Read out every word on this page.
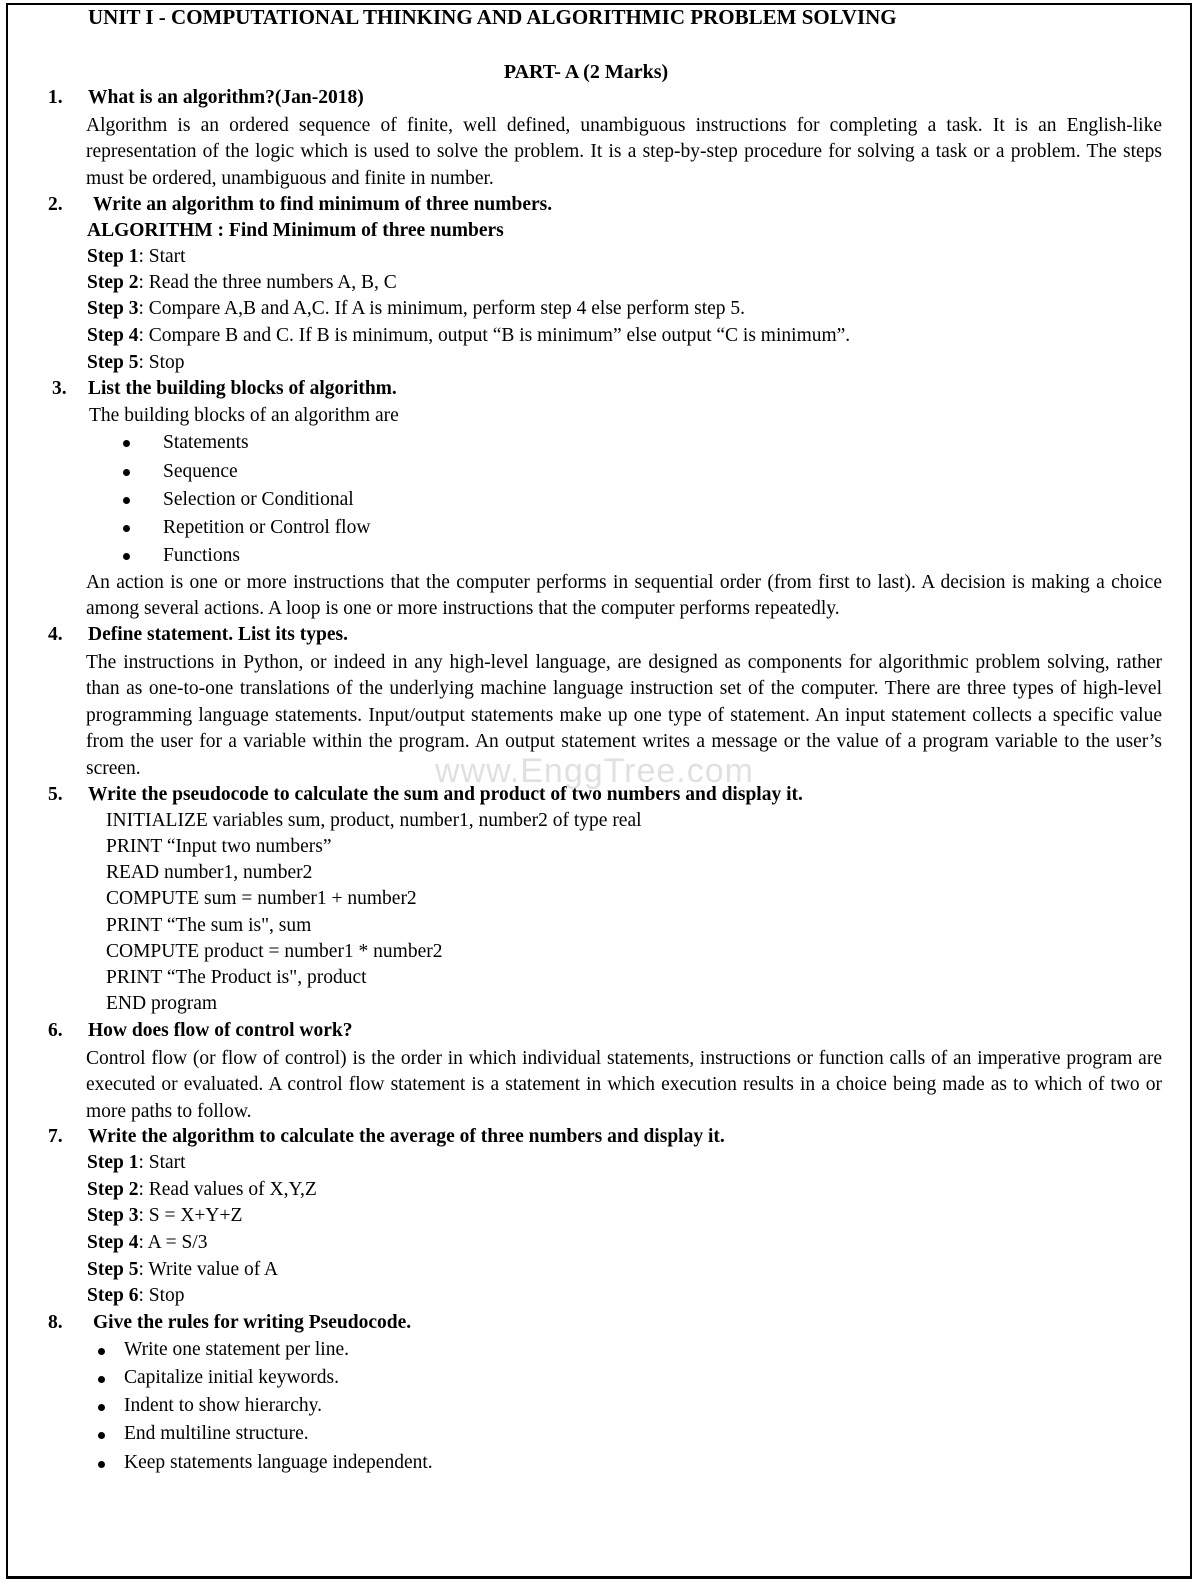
www.EnggTree.com
UNIT I - COMPUTATIONAL THINKING AND ALGORITHMIC PROBLEM SOLVING
PART- A (2 Marks)
1. What is an algorithm?(Jan-2018)
Algorithm is an ordered sequence of finite, well defined, unambiguous instructions for completing a task. It is an English-like representation of the logic which is used to solve the problem. It is a step-by-step procedure for solving a task or a problem. The steps must be ordered, unambiguous and finite in number.
2. Write an algorithm to find minimum of three numbers.
ALGORITHM : Find Minimum of three numbers
Step 1: Start
Step 2: Read the three numbers A, B, C
Step 3: Compare A,B and A,C. If A is minimum, perform step 4 else perform step 5.
Step 4: Compare B and C. If B is minimum, output “B is minimum” else output “C is minimum”.
Step 5: Stop
3. List the building blocks of algorithm.
The building blocks of an algorithm are
Statements
Sequence
Selection or Conditional
Repetition or Control flow
Functions
An action is one or more instructions that the computer performs in sequential order (from first to last). A decision is making a choice among several actions. A loop is one or more instructions that the computer performs repeatedly.
4. Define statement. List its types.
The instructions in Python, or indeed in any high-level language, are designed as components for algorithmic problem solving, rather than as one-to-one translations of the underlying machine language instruction set of the computer. There are three types of high-level programming language statements. Input/output statements make up one type of statement. An input statement collects a specific value from the user for a variable within the program. An output statement writes a message or the value of a program variable to the user’s screen.
5. Write the pseudocode to calculate the sum and product of two numbers and display it.
INITIALIZE variables sum, product, number1, number2 of type real
PRINT “Input two numbers”
READ number1, number2
COMPUTE sum = number1 + number2
PRINT “The sum is", sum
COMPUTE product = number1 * number2
PRINT “The Product is", product
END program
6. How does flow of control work?
Control flow (or flow of control) is the order in which individual statements, instructions or function calls of an imperative program are executed or evaluated. A control flow statement is a statement in which execution results in a choice being made as to which of two or more paths to follow.
7. Write the algorithm to calculate the average of three numbers and display it.
Step 1: Start
Step 2: Read values of X,Y,Z
Step 3: S = X+Y+Z
Step 4: A = S/3
Step 5: Write value of A
Step 6: Stop
8. Give the rules for writing Pseudocode.
Write one statement per line.
Capitalize initial keywords.
Indent to show hierarchy.
End multiline structure.
Keep statements language independent.
